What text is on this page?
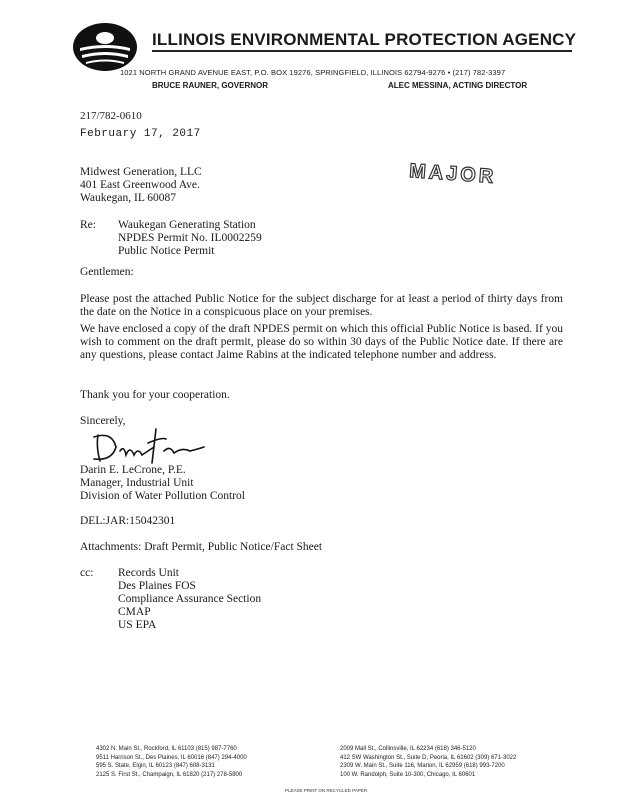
ILLINOIS ENVIRONMENTAL PROTECTION AGENCY
1021 NORTH GRAND AVENUE EAST, P.O. BOX 19276, SPRINGFIELD, ILLINOIS 62794-9276 • (217) 782-3397
BRUCE RAUNER, GOVERNOR	ALEC MESSINA, ACTING DIRECTOR
217/782-0610
February 17, 2017
MAJOR
Midwest Generation, LLC
401 East Greenwood Ave.
Waukegan, IL 60087
Re: Waukegan Generating Station
NPDES Permit No. IL0002259
Public Notice Permit
Gentlemen:
Please post the attached Public Notice for the subject discharge for at least a period of thirty days from the date on the Notice in a conspicuous place on your premises.
We have enclosed a copy of the draft NPDES permit on which this official Public Notice is based. If you wish to comment on the draft permit, please do so within 30 days of the Public Notice date. If there are any questions, please contact Jaime Rabins at the indicated telephone number and address.
Thank you for your cooperation.
Sincerely,
Darin E. LeCrone, P.E.
Manager, Industrial Unit
Division of Water Pollution Control
DEL:JAR:15042301
Attachments: Draft Permit, Public Notice/Fact Sheet
cc: Records Unit
Des Plaines FOS
Compliance Assurance Section
CMAP
US EPA
4302 N. Main St., Rockford, IL 61103 (815) 987-7760
9511 Harrison St., Des Plaines, IL 60016 (847) 294-4000
595 S. State, Elgin, IL 60123 (847) 608-3131
2125 S. First St., Champaign, IL 61820 (217) 278-5800
2009 Mall St., Collinsville, IL 62234 (618) 346-5120
412 SW Washington St., Suite D, Peoria, IL 61602 (309) 671-3022
2309 W. Main St., Suite 116, Marion, IL 62959 (618) 993-7200
100 W. Randolph, Suite 10-300, Chicago, IL 60601
PLEASE PRINT ON RECYCLED PAPER
